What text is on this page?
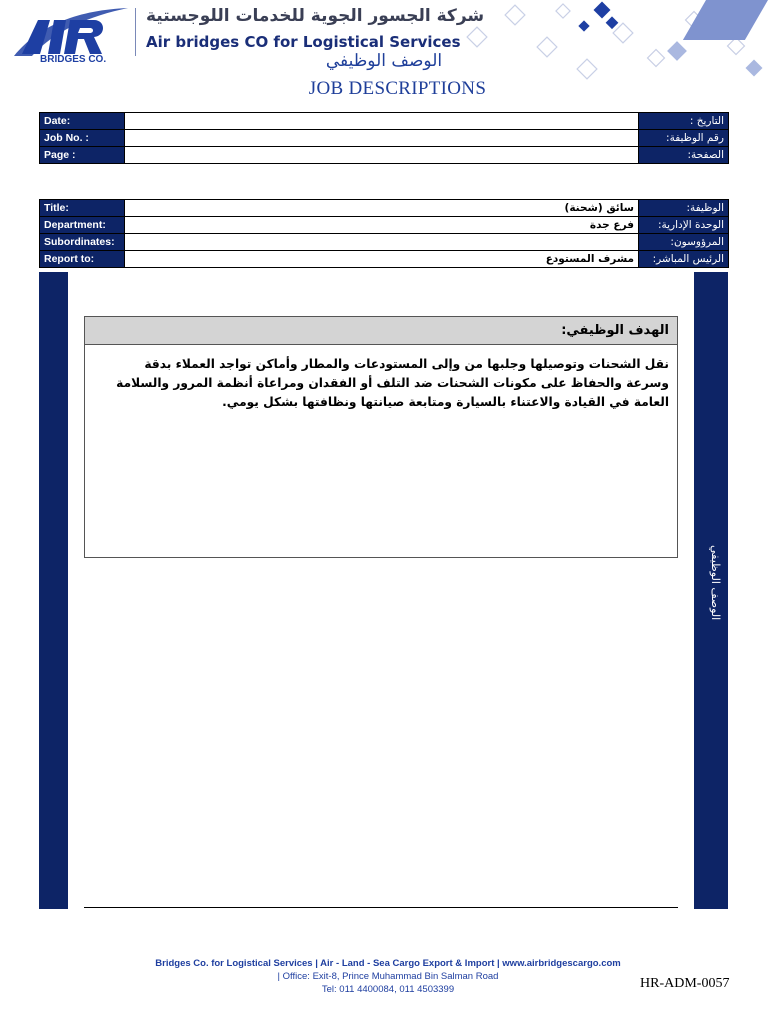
BRIDGES CO.
شركة الجسور الجوية للخدمات اللوجستية
Air bridges CO for Logistical Services
الوصف الوظيفي
JOB DESCRIPTIONS
Date:		التاريخ :
Job No. :		رقم الوظيفة:
Page :		الصفحة:
Title:	سائق (شحنة)	الوظيفة:
Department:	فرع جدة	الوحدة الإدارية:
Subordinates:		المرؤوسون:
Report to:	مشرف المستودع	الرئيس المباشر:
الوصف الوظيفي
الهدف الوظيفي:
نقل الشحنات وتوصيلها وجلبها من وإلى المستودعات والمطار وأماكن تواجد العملاء بدقة وسرعة والحفاظ على مكونات الشحنات ضد التلف أو الفقدان ومراعاة أنظمة المرور والسلامة العامة في القيادة والاعتناء بالسيارة ومتابعة صيانتها ونظافتها بشكل يومي.
Bridges Co. for Logistical Services | Air - Land - Sea Cargo Export & Import | www.airbridgescargo.com
| Office: Exit-8, Prince Muhammad Bin Salman Road
Tel: 011 4400084, 011 4503399	HR-ADM-0057
